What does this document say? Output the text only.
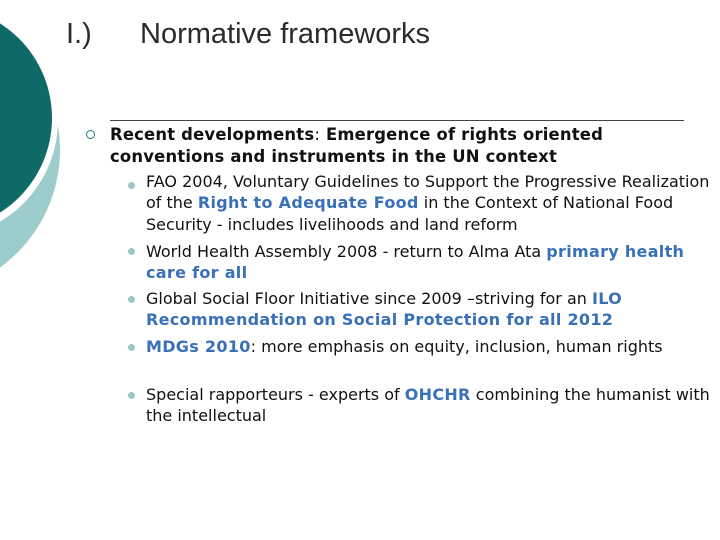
I.) Normative frameworks
Recent developments: Emergence of rights oriented conventions and instruments in the UN context
FAO 2004, Voluntary Guidelines to Support the Progressive Realization of the Right to Adequate Food in the Context of National Food Security - includes livelihoods and land reform
World Health Assembly 2008 - return to Alma Ata primary health care for all
Global Social Floor Initiative since 2009 –striving for an ILO Recommendation on Social Protection for all 2012
MDGs 2010: more emphasis on equity, inclusion, human rights
Special rapporteurs - experts of OHCHR combining the humanist with the intellectual
